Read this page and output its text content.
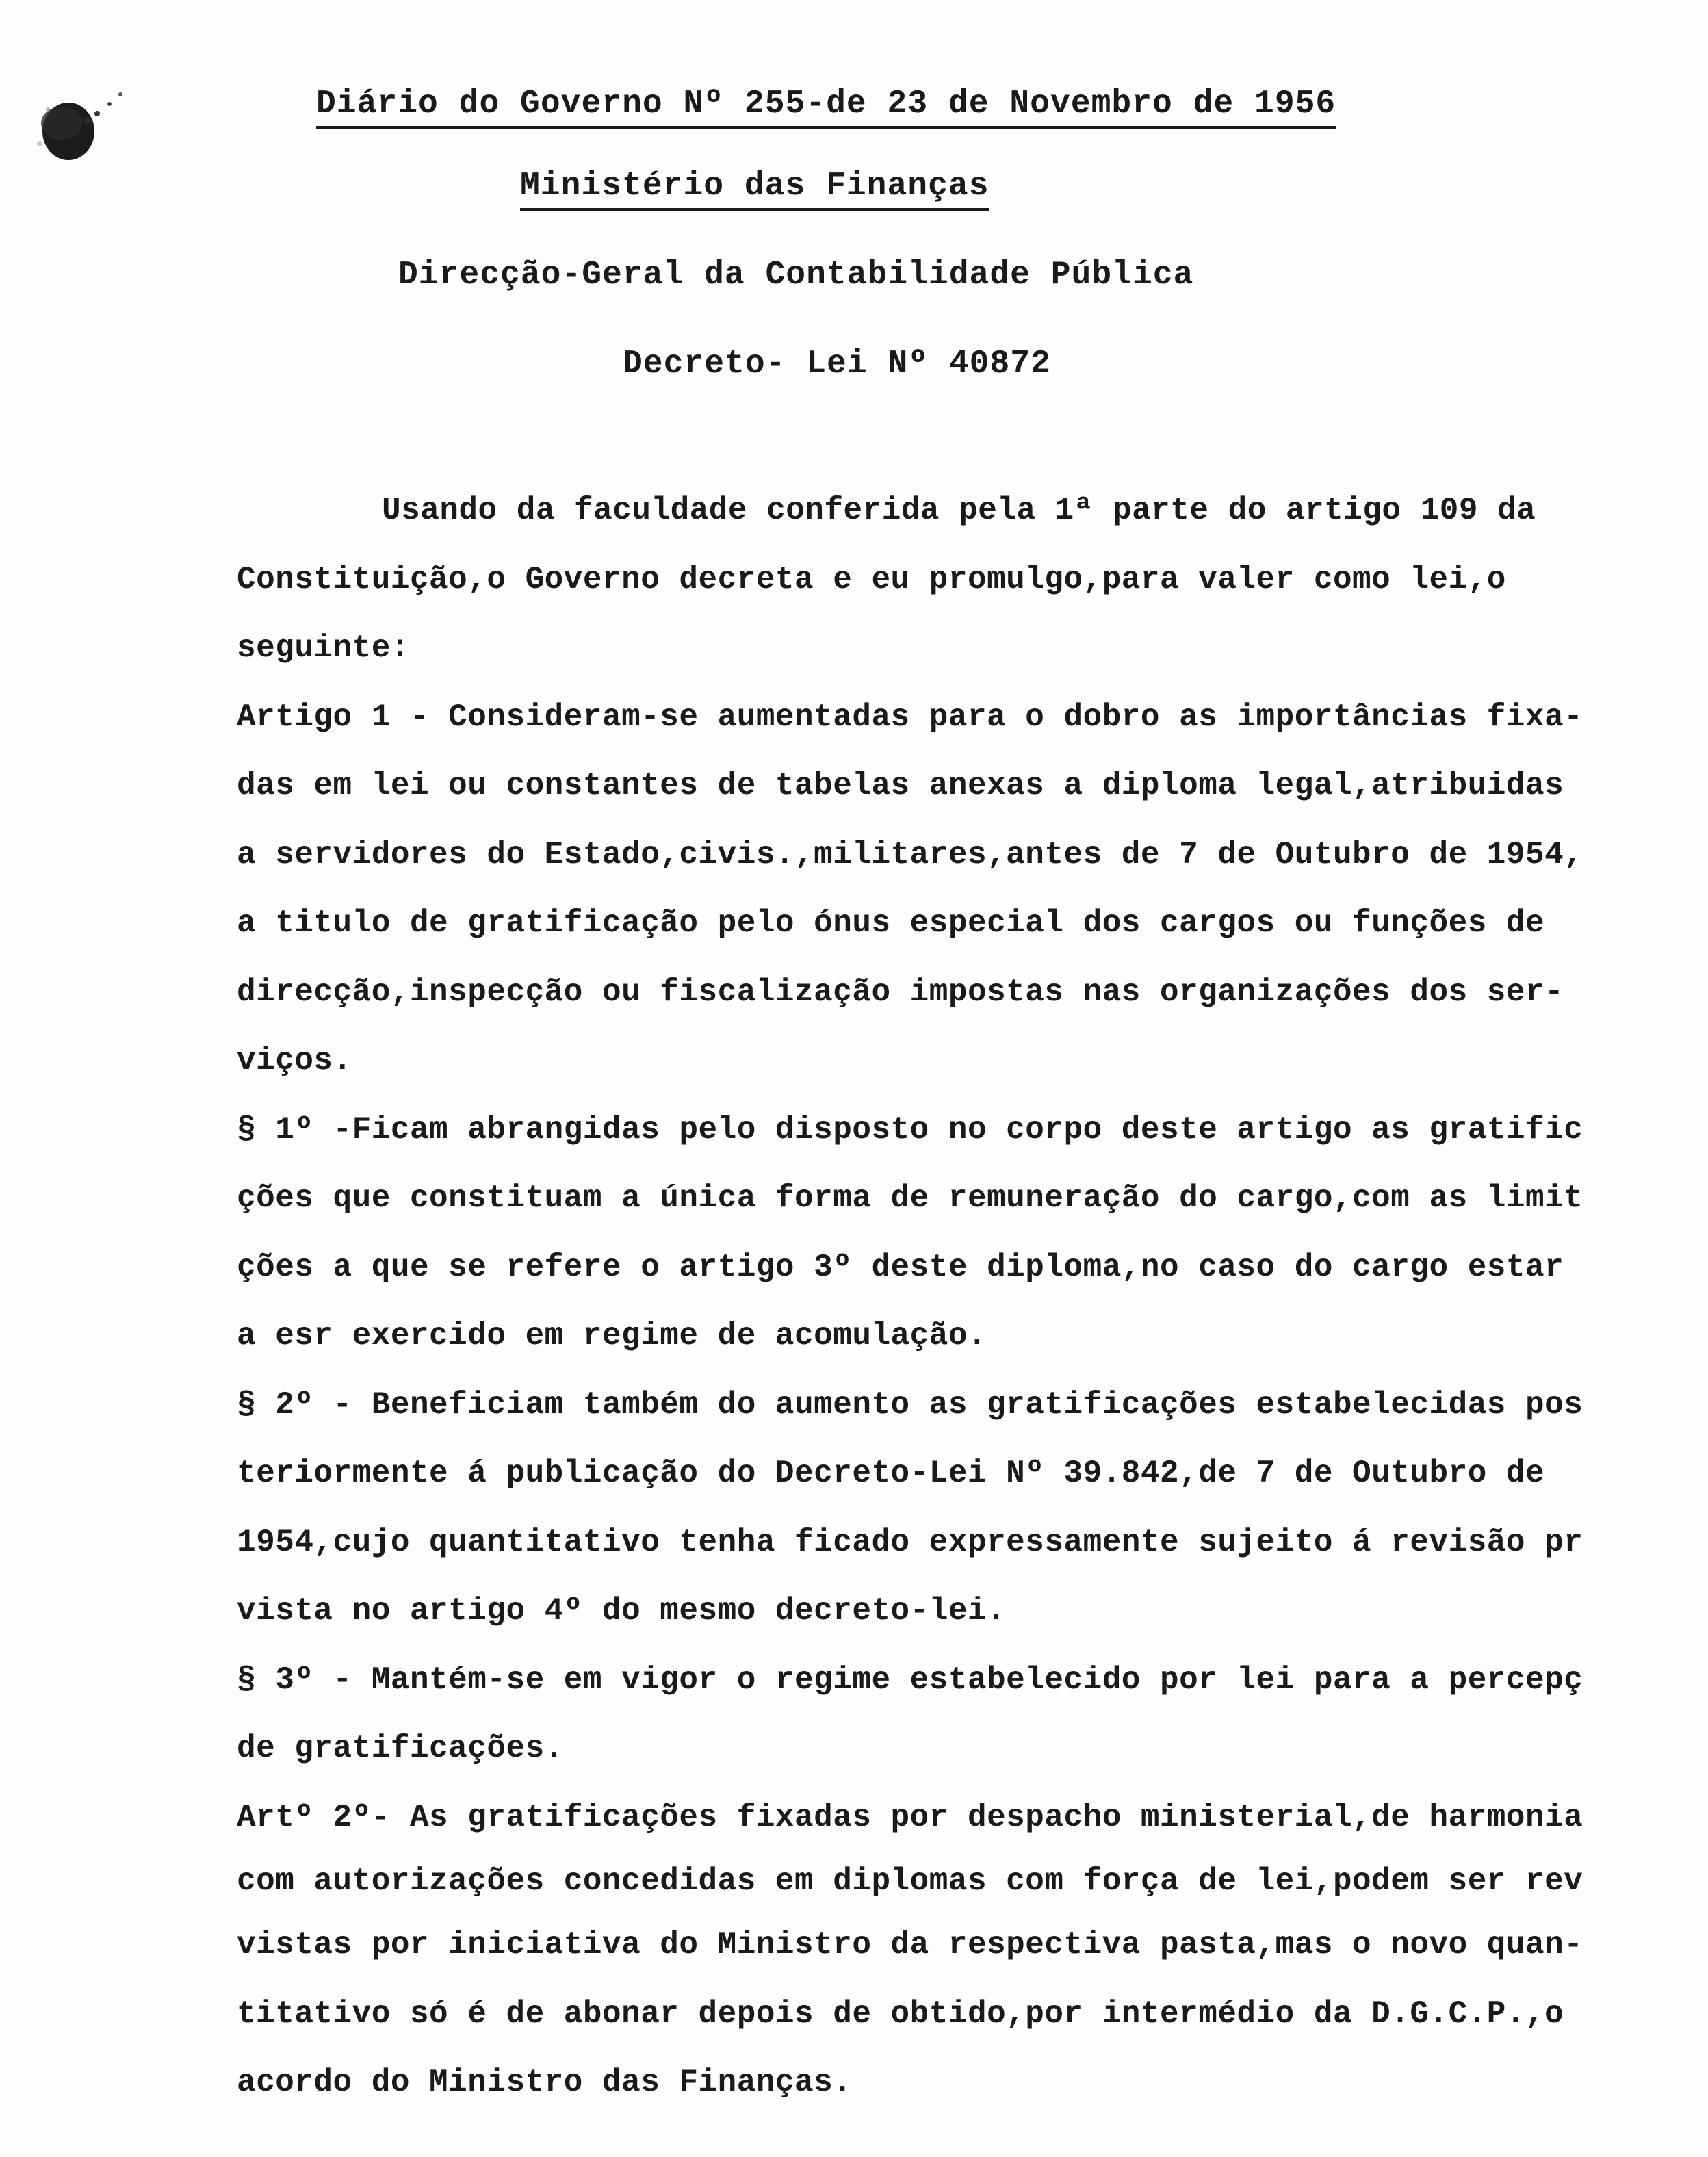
Diário do Governo Nº 255-de 23 de Novembro de 1956
Ministério das Finanças
Direcção-Geral da Contabilidade Pública
Decreto- Lei Nº 40872
Usando da faculdade conferida pela 1ª parte do artigo 109 da
Constituição,o Governo decreta e eu promulgo,para valer como lei,o
seguinte:
Artigo 1 - Consideram-se aumentadas para o dobro as importâncias fixa-
das em lei ou constantes de tabelas anexas a diploma legal,atribuidas
a servidores do Estado,civis.,militares,antes de 7 de Outubro de 1954,
a titulo de gratificação pelo ónus especial dos cargos ou funções de
direcção,inspecção ou fiscalização impostas nas organizações dos ser-
viços.
§ 1º -Ficam abrangidas pelo disposto no corpo deste artigo as gratific
ções que constituam a única forma de remuneração do cargo,com as limit
ções a que se refere o artigo 3º deste diploma,no caso do cargo estar
a esr exercido em regime de acomulação.
§ 2º - Beneficiam também do aumento as gratificações estabelecidas pos
teriormente á publicação do Decreto-Lei Nº 39.842,de 7 de Outubro de
1954,cujo quantitativo tenha ficado expressamente sujeito á revisão pr
vista no artigo 4º do mesmo decreto-lei.
§ 3º - Mantém-se em vigor o regime estabelecido por lei para a percepç
de gratificações.
Artº 2º- As gratificações fixadas por despacho ministerial,de harmonia
com autorizações concedidas em diplomas com força de lei,podem ser rev
vistas por iniciativa do Ministro da respectiva pasta,mas o novo quan-
titativo só é de abonar depois de obtido,por intermédio da D.G.C.P.,o
acordo do Ministro das Finanças.
